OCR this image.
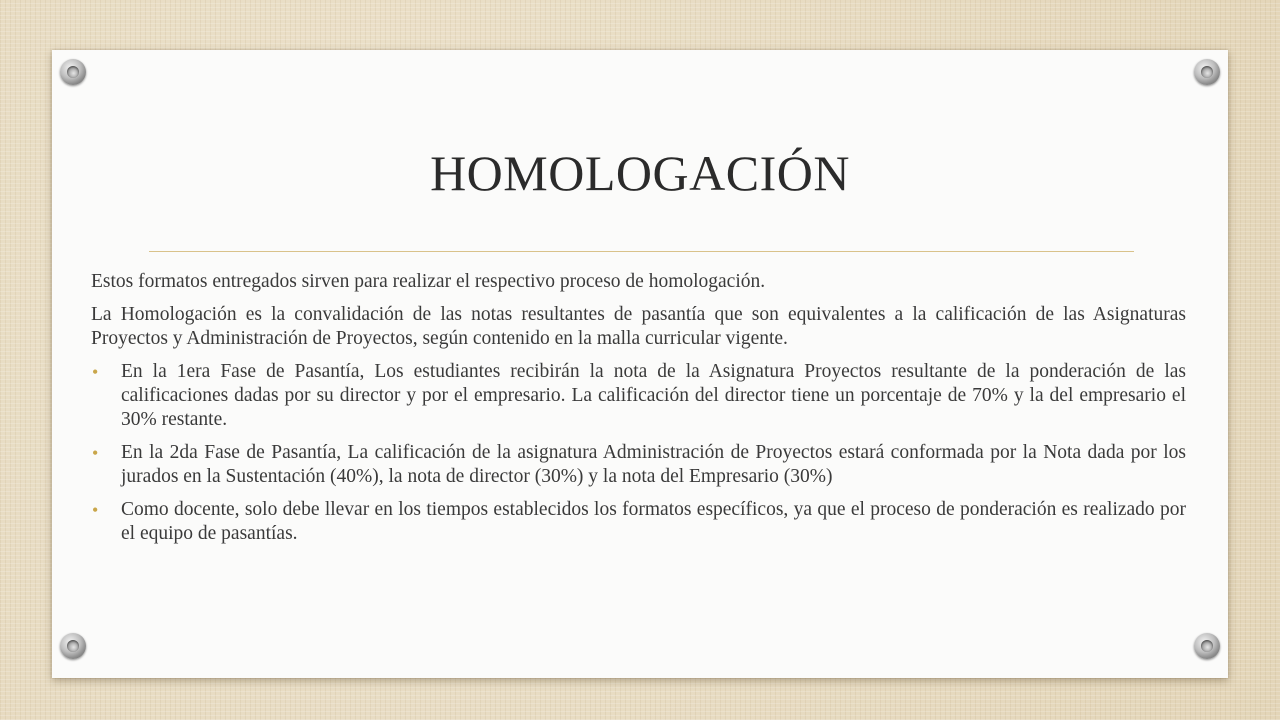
HOMOLOGACIÓN

Estos formatos entregados sirven para realizar el respectivo proceso de homologación.

La Homologación es la convalidación de las notas resultantes de pasantía que son equivalentes a la calificación de las Asignaturas Proyectos y Administración de Proyectos, según contenido en la malla curricular vigente.

• En la 1era Fase de Pasantía, Los estudiantes recibirán la nota de la Asignatura Proyectos resultante de la ponderación de las calificaciones dadas por su director y por el empresario. La calificación del director tiene un porcentaje de 70% y la del empresario el 30% restante.
• En la 2da Fase de Pasantía, La calificación de la asignatura Administración de Proyectos estará conformada por la Nota dada por los jurados en la Sustentación (40%), la nota de director (30%) y la nota del Empresario (30%)
• Como docente, solo debe llevar en los tiempos establecidos los formatos específicos, ya que el proceso de ponderación es realizado por el equipo de pasantías.
